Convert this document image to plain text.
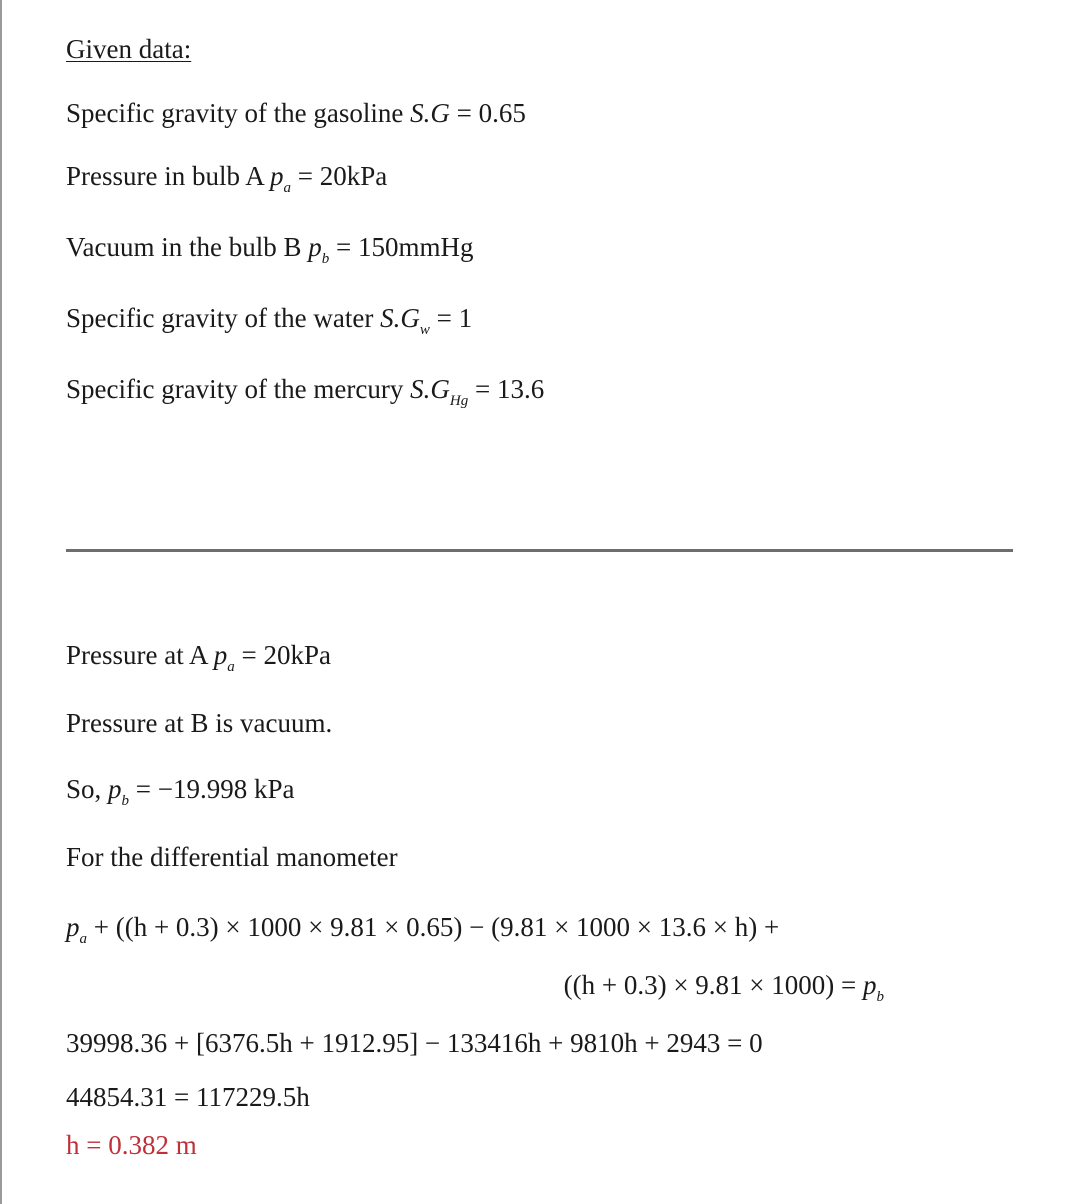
Given data:
Specific gravity of the gasoline S.G = 0.65
Pressure in bulb A $p_a = 20kPa$
Vacuum in the bulb B $p_b$ = 150mmHg
Specific gravity of the water $S.G_w = 1$
Specific gravity of the mercury $S.G_{Hg} = 13.6$
Pressure at A $p_a = 20kPa$
Pressure at B is vacuum.
So, $p_b = -19.998$ kPa
For the differential manometer
$p_a + ((h + 0.3) \times 1000 \times 9.81 \times 0.65) - (9.81 \times 1000 \times 13.6 \times h)$ +
$((h + 0.3) \times 9.81 \times 1000) = p_b$
39998.36 + [6376.5h + 1912.95] − 133416h + 9810h + 2943 = 0
44854.31 = 117229.5h
h = 0.382 m
